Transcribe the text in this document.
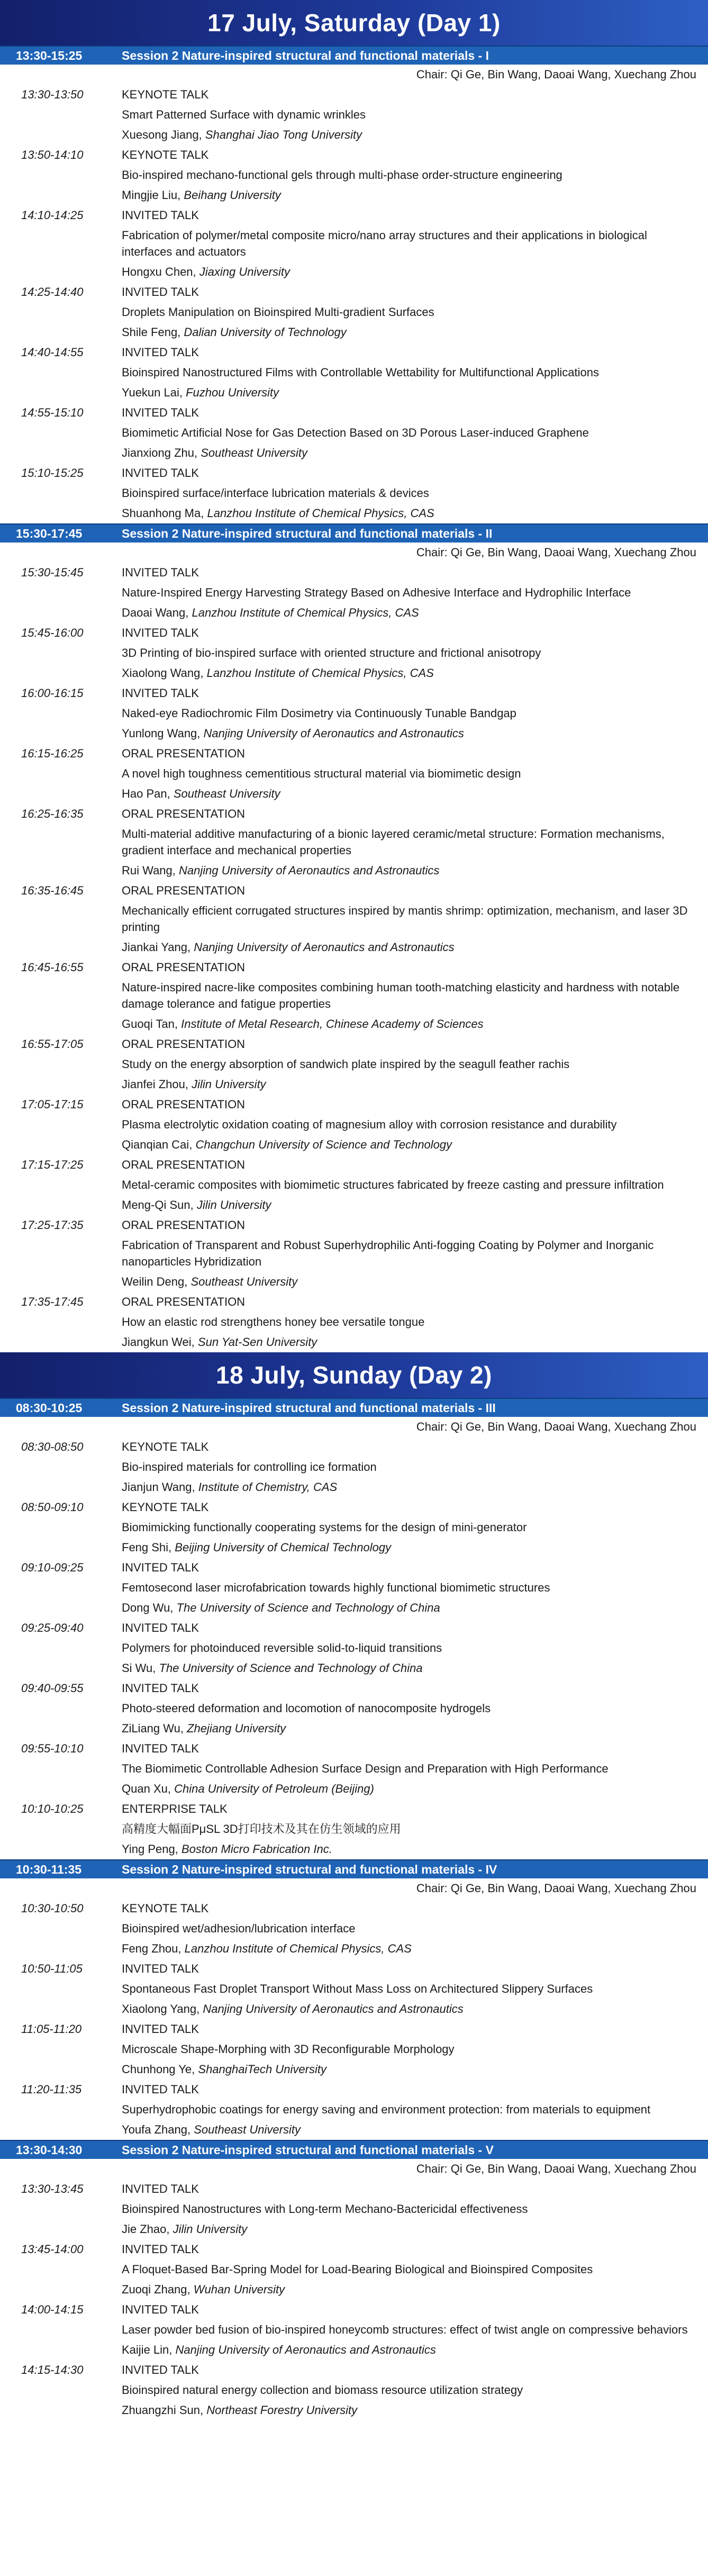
17 July, Saturday (Day 1)
13:30-15:25	Session 2 Nature-inspired structural and functional materials - I
Chair: Qi Ge, Bin Wang, Daoai Wang, Xuechang Zhou
13:30-13:50	KEYNOTE TALK
Smart Patterned Surface with dynamic wrinkles
Xuesong Jiang, Shanghai Jiao Tong University
13:50-14:10	KEYNOTE TALK
Bio-inspired mechano-functional gels through multi-phase order-structure engineering
Mingjie Liu, Beihang University
14:10-14:25	INVITED TALK
Fabrication of polymer/metal composite micro/nano array structures and their applications in biological interfaces and actuators
Hongxu Chen, Jiaxing University
14:25-14:40	INVITED TALK
Droplets Manipulation on Bioinspired Multi-gradient Surfaces
Shile Feng, Dalian University of Technology
14:40-14:55	INVITED TALK
Bioinspired Nanostructured Films with Controllable Wettability for Multifunctional Applications
Yuekun Lai, Fuzhou University
14:55-15:10	INVITED TALK
Biomimetic Artificial Nose for Gas Detection Based on 3D Porous Laser-induced Graphene
Jianxiong Zhu, Southeast University
15:10-15:25	INVITED TALK
Bioinspired surface/interface lubrication materials & devices
Shuanhong Ma, Lanzhou Institute of Chemical Physics, CAS
15:30-17:45	Session 2 Nature-inspired structural and functional materials - II
Chair: Qi Ge, Bin Wang, Daoai Wang, Xuechang Zhou
15:30-15:45	INVITED TALK
Nature-Inspired Energy Harvesting Strategy Based on Adhesive Interface and Hydrophilic Interface
Daoai Wang, Lanzhou Institute of Chemical Physics, CAS
15:45-16:00	INVITED TALK
3D Printing of bio-inspired surface with oriented structure and frictional anisotropy
Xiaolong Wang, Lanzhou Institute of Chemical Physics, CAS
16:00-16:15	INVITED TALK
Naked-eye Radiochromic Film Dosimetry via Continuously Tunable Bandgap
Yunlong Wang, Nanjing University of Aeronautics and Astronautics
16:15-16:25	ORAL PRESENTATION
A novel high toughness cementitious structural material via biomimetic design
Hao Pan, Southeast University
16:25-16:35	ORAL PRESENTATION
Multi-material additive manufacturing of a bionic layered ceramic/metal structure: Formation mechanisms, gradient interface and mechanical properties
Rui Wang, Nanjing University of Aeronautics and Astronautics
16:35-16:45	ORAL PRESENTATION
Mechanically efficient corrugated structures inspired by mantis shrimp: optimization, mechanism, and laser 3D printing
Jiankai Yang, Nanjing University of Aeronautics and Astronautics
16:45-16:55	ORAL PRESENTATION
Nature-inspired nacre-like composites combining human tooth-matching elasticity and hardness with notable damage tolerance and fatigue properties
Guoqi Tan, Institute of Metal Research, Chinese Academy of Sciences
16:55-17:05	ORAL PRESENTATION
Study on the energy absorption of sandwich plate inspired by the seagull feather rachis
Jianfei Zhou, Jilin University
17:05-17:15	ORAL PRESENTATION
Plasma electrolytic oxidation coating of magnesium alloy with corrosion resistance and durability
Qianqian Cai, Changchun University of Science and Technology
17:15-17:25	ORAL PRESENTATION
Metal-ceramic composites with biomimetic structures fabricated by freeze casting and pressure infiltration
Meng-Qi Sun, Jilin University
17:25-17:35	ORAL PRESENTATION
Fabrication of Transparent and Robust Superhydrophilic Anti-fogging Coating by Polymer and Inorganic nanoparticles Hybridization
Weilin Deng, Southeast University
17:35-17:45	ORAL PRESENTATION
How an elastic rod strengthens honey bee versatile tongue
Jiangkun Wei, Sun Yat-Sen University
18 July, Sunday (Day 2)
08:30-10:25	Session 2 Nature-inspired structural and functional materials - III
Chair: Qi Ge, Bin Wang, Daoai Wang, Xuechang Zhou
08:30-08:50	KEYNOTE TALK
Bio-inspired materials for controlling ice formation
Jianjun Wang, Institute of Chemistry, CAS
08:50-09:10	KEYNOTE TALK
Biomimicking functionally cooperating systems for the design of mini-generator
Feng Shi, Beijing University of Chemical Technology
09:10-09:25	INVITED TALK
Femtosecond laser microfabrication towards highly functional biomimetic structures
Dong Wu, The University of Science and Technology of China
09:25-09:40	INVITED TALK
Polymers for photoinduced reversible solid-to-liquid transitions
Si Wu, The University of Science and Technology of China
09:40-09:55	INVITED TALK
Photo-steered deformation and locomotion of nanocomposite hydrogels
ZiLiang Wu, Zhejiang University
09:55-10:10	INVITED TALK
The Biomimetic Controllable Adhesion Surface Design and Preparation with High Performance
Quan Xu, China University of Petroleum (Beijing)
10:10-10:25	ENTERPRISE TALK
高精度大幅面PμSL 3D打印技术及其在仿生领域的应用
Ying Peng, Boston Micro Fabrication Inc.
10:30-11:35	Session 2 Nature-inspired structural and functional materials - IV
Chair: Qi Ge, Bin Wang, Daoai Wang, Xuechang Zhou
10:30-10:50	KEYNOTE TALK
Bioinspired wet/adhesion/lubrication interface
Feng Zhou, Lanzhou Institute of Chemical Physics, CAS
10:50-11:05	INVITED TALK
Spontaneous Fast Droplet Transport Without Mass Loss on Architectured Slippery Surfaces
Xiaolong Yang, Nanjing University of Aeronautics and Astronautics
11:05-11:20	INVITED TALK
Microscale Shape-Morphing with 3D Reconfigurable Morphology
Chunhong Ye, ShanghaiTech University
11:20-11:35	INVITED TALK
Superhydrophobic coatings for energy saving and environment protection: from materials to equipment
Youfa Zhang, Southeast University
13:30-14:30	Session 2 Nature-inspired structural and functional materials - V
Chair: Qi Ge, Bin Wang, Daoai Wang, Xuechang Zhou
13:30-13:45	INVITED TALK
Bioinspired Nanostructures with Long-term Mechano-Bactericidal effectiveness
Jie Zhao, Jilin University
13:45-14:00	INVITED TALK
A Floquet-Based Bar-Spring Model for Load-Bearing Biological and Bioinspired Composites
Zuoqi Zhang, Wuhan University
14:00-14:15	INVITED TALK
Laser powder bed fusion of bio-inspired honeycomb structures: effect of twist angle on compressive behaviors
Kaijie Lin, Nanjing University of Aeronautics and Astronautics
14:15-14:30	INVITED TALK
Bioinspired natural energy collection and biomass resource utilization strategy
Zhuangzhi Sun, Northeast Forestry University
